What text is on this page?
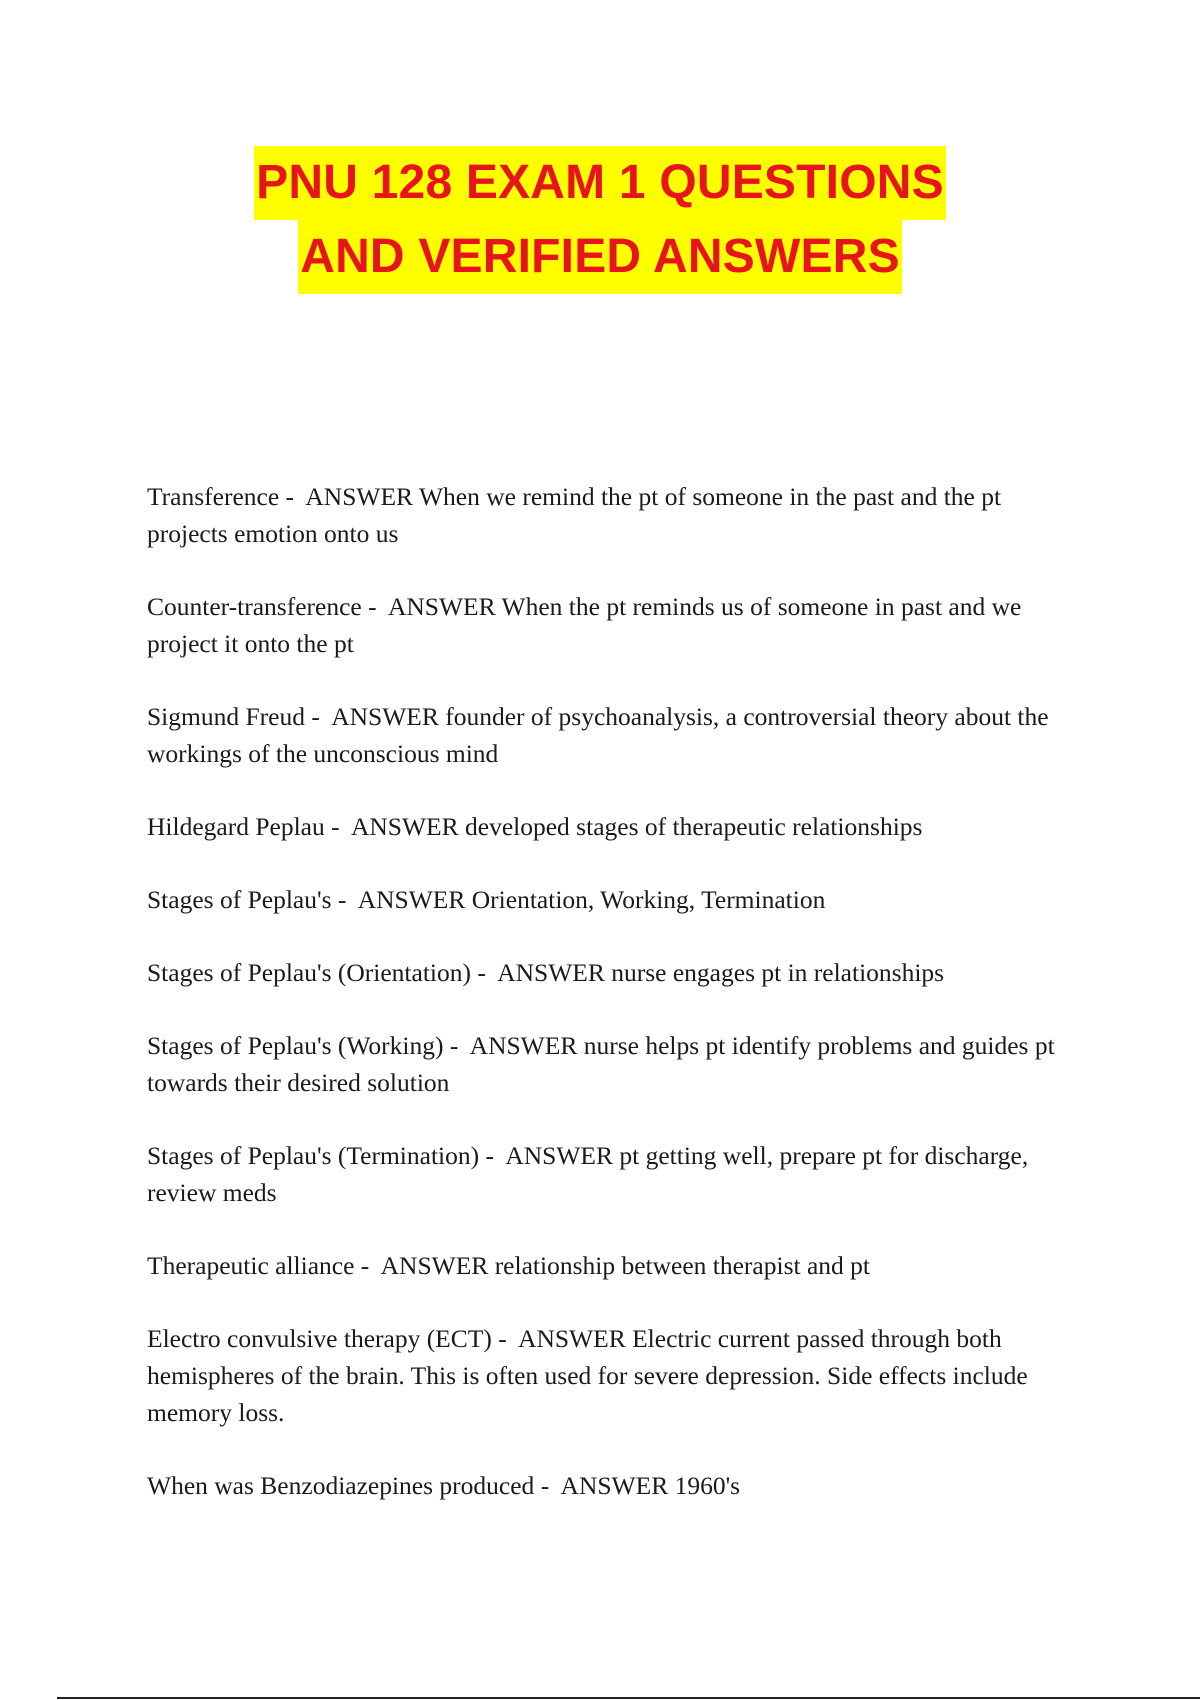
PNU 128 EXAM 1 QUESTIONS
AND VERIFIED ANSWERS

Transference - ANSWER When we remind the pt of someone in the past and the pt projects emotion onto us

Counter-transference - ANSWER When the pt reminds us of someone in past and we project it onto the pt

Sigmund Freud - ANSWER founder of psychoanalysis, a controversial theory about the workings of the unconscious mind

Hildegard Peplau - ANSWER developed stages of therapeutic relationships

Stages of Peplau's - ANSWER Orientation, Working, Termination

Stages of Peplau's (Orientation) - ANSWER nurse engages pt in relationships

Stages of Peplau's (Working) - ANSWER nurse helps pt identify problems and guides pt towards their desired solution

Stages of Peplau's (Termination) - ANSWER pt getting well, prepare pt for discharge, review meds

Therapeutic alliance - ANSWER relationship between therapist and pt

Electro convulsive therapy (ECT) - ANSWER Electric current passed through both hemispheres of the brain. This is often used for severe depression. Side effects include memory loss.

When was Benzodiazepines produced - ANSWER 1960's
